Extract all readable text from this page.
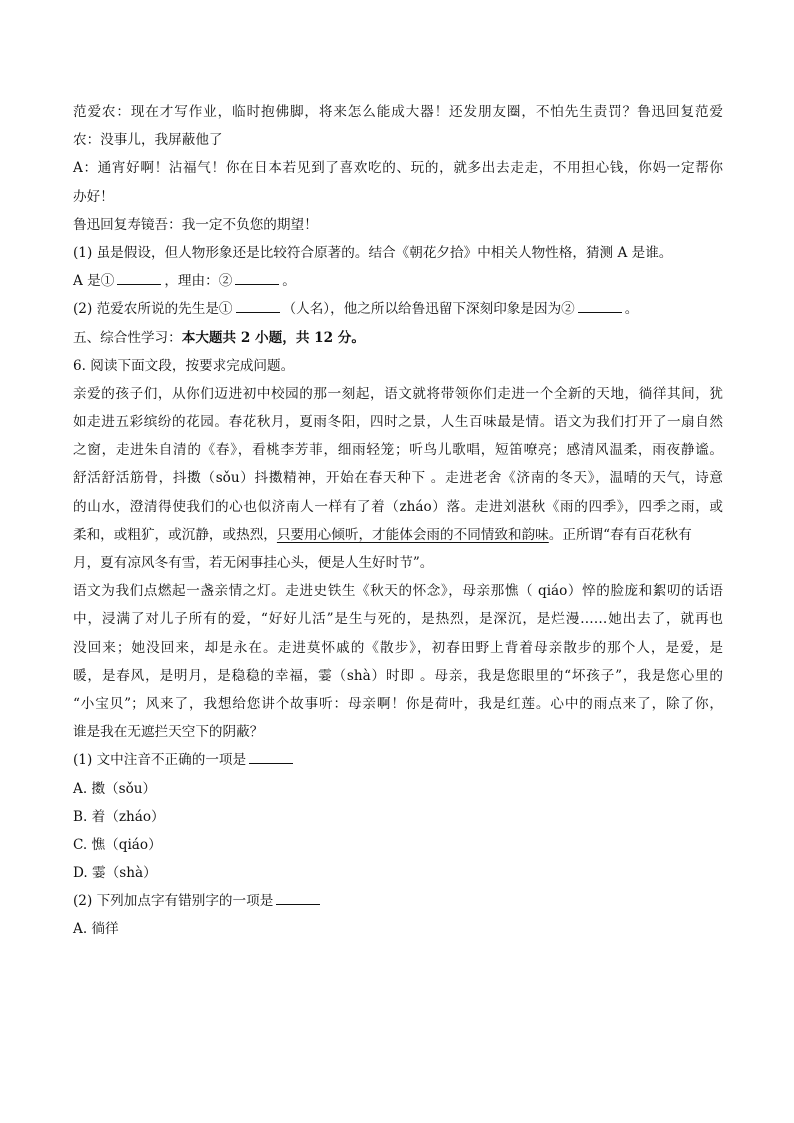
范爱农：现在才写作业，临时抱佛脚，将来怎么能成大器！还发朋友圈，不怕先生责罚？鲁迅回复范爱
农：没事儿，我屏蔽他了
A：通宵好啊！沾福气！你在日本若见到了喜欢吃的、玩的，就多出去走走，不用担心钱，你妈一定帮你
办好！
鲁迅回复寿镜吾：我一定不负您的期望！
(1) 虽是假设，但人物形象还是比较符合原著的。结合《朝花夕拾》中相关人物性格，猜测 A 是谁。
A 是①	，理由：②	。
(2) 范爱农所说的先生是①	（人名），他之所以给鲁迅留下深刻印象是因为②	。
五、综合性学习：本大题共 2 小题，共 12 分。
6. 阅读下面文段，按要求完成问题。
亲爱的孩子们，从你们迈进初中校园的那一刻起，语文就将带领你们走进一个全新的天地，徜徉其间，犹
如走进五彩缤纷的花园。春花秋月，夏雨冬阳，四时之景，人生百味最是情。语文为我们打开了一扇自然
之窗，走进朱自清的《春》，看桃李芳菲，细雨轻笼；听鸟儿歌唱，短笛嘹亮；感清风温柔，雨夜静谧。
舒活舒活筋骨，抖擞（sǒu）抖擞精神，开始在春天种下 。走进老舍《济南的冬天》，温晴的天气，诗意
的山水，澄清得使我们的心也似济南人一样有了着（zháo）落。走进刘湛秋《雨的四季》，四季之雨，或
柔和，或粗犷，或沉静，或热烈，只要用心倾听，才能体会雨的不同情致和韵味。正所谓“春有百花秋有
月，夏有凉风冬有雪，若无闲事挂心头，便是人生好时节”。
语文为我们点燃起一盏亲情之灯。走进史铁生《秋天的怀念》，母亲那憔（ qiáo）悴的脸庞和絮叨的话语
中，浸满了对儿子所有的爱，“好好儿活”是生与死的，是热烈，是深沉，是烂漫……她出去了，就再也
没回来；她没回来，却是永在。走进莫怀戚的《散步》，初春田野上背着母亲散步的那个人，是爱，是
暖，是春风，是明月，是稳稳的幸福，霎（shà）时即 。母亲，我是您眼里的“坏孩子”，我是您心里的
“小宝贝”；风来了，我想给您讲个故事听：母亲啊！你是荷叶，我是红莲。心中的雨点来了，除了你，
谁是我在无遮拦天空下的阴蔽？
(1) 文中注音不正确的一项是
A. 擞（sǒu）
B. 着（zháo）
C. 憔（qiáo）
D. 霎（shà）
(2) 下列加点字有错别字的一项是
A. 徜徉
